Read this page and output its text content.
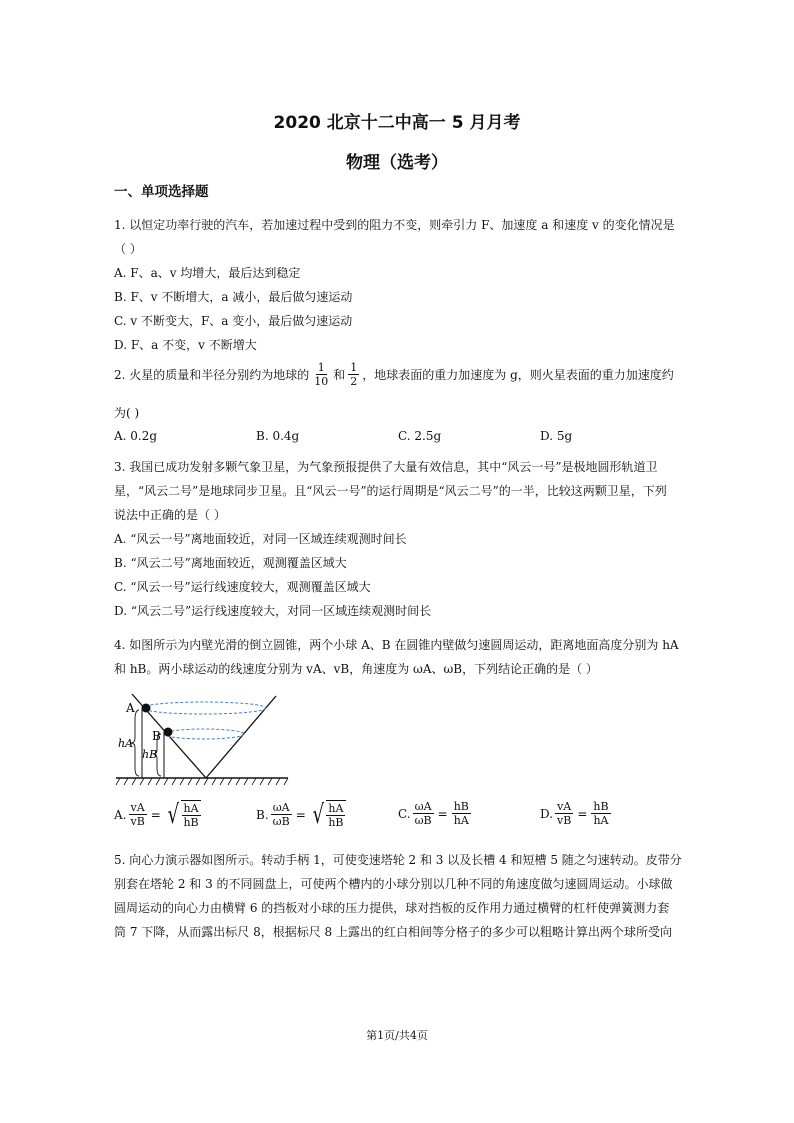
2020 北京十二中高一 5 月月考
物理（选考）
一、单项选择题
1. 以恒定功率行驶的汽车，若加速过程中受到的阻力不变，则牵引力 F、加速度 a 和速度 v 的变化情况是
（ ）
A. F、a、v 均增大，最后达到稳定
B. F、v 不断增大，a 减小，最后做匀速运动
C. v 不断变大，F、a 变小，最后做匀速运动
D. F、a 不变，v 不断增大
2. 火星的质量和半径分别约为地球的 $\frac{1}{10}$ 和 $\frac{1}{2}$ ，地球表面的重力加速度为 g，则火星表面的重力加速度约
为( )
A. 0.2g	B. 0.4g	C. 2.5g	D. 5g
3. 我国已成功发射多颗气象卫星，为气象预报提供了大量有效信息，其中“风云一号”是极地圆形轨道卫
星，“风云二号”是地球同步卫星。且“风云一号”的运行周期是“风云二号”的一半，比较这两颗卫星，下列
说法中正确的是（ ）
A. “风云一号”离地面较近，对同一区域连续观测时间长
B. “风云二号”离地面较近，观测覆盖区域大
C. “风云一号”运行线速度较大，观测覆盖区域大
D. “风云二号”运行线速度较大，对同一区域连续观测时间长
4. 如图所示为内壁光滑的倒立圆锥，两个小球 A、B 在圆锥内壁做匀速圆周运动，距离地面高度分别为 hA
和 hB。两小球运动的线速度分别为 vA、vB，角速度为 ωA、ωB，下列结论正确的是（ ）
A
B
hA
hB
A. $\frac{vA}{vB}$ = √ $\frac{hA}{hB}$	B. $\frac{\omega A}{\omega B}$ = √ $\frac{hA}{hB}$	C. $\frac{\omega A}{\omega B} = \frac{hB}{hA}$	D. $\frac{vA}{vB} = \frac{hB}{hA}$
5. 向心力演示器如图所示。转动手柄 1，可使变速塔轮 2 和 3 以及长槽 4 和短槽 5 随之匀速转动。皮带分
别套在塔轮 2 和 3 的不同圆盘上，可使两个槽内的小球分别以几种不同的角速度做匀速圆周运动。小球做
圆周运动的向心力由横臂 6 的挡板对小球的压力提供，球对挡板的反作用力通过横臂的杠杆使弹簧测力套
筒 7 下降，从而露出标尺 8，根据标尺 8 上露出的红白相间等分格子的多少可以粗略计算出两个球所受向
第1页/共4页
